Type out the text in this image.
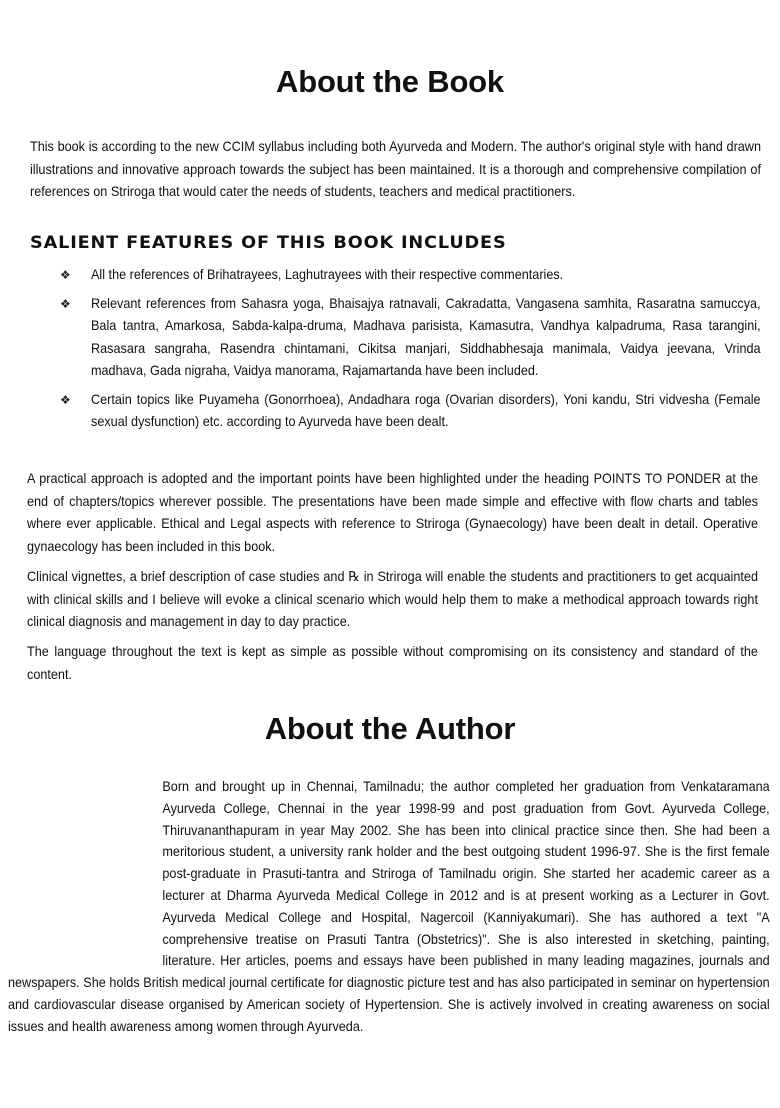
About the Book

This book is according to the new CCIM syllabus including both Ayurveda and Modern. The author's original style with hand drawn illustrations and innovative approach towards the subject has been maintained. It is a thorough and comprehensive compilation of references on Striroga that would cater the needs of students, teachers and medical practitioners.

SALIENT FEATURES OF THIS BOOK INCLUDES
❖ All the references of Brihatrayees, Laghutrayees with their respective commentaries.
❖ Relevant references from Sahasra yoga, Bhaisajya ratnavali, Cakradatta, Vangasena samhita, Rasaratna samuccya, Bala tantra, Amarkosa, Sabda-kalpa-druma, Madhava parisista, Kamasutra, Vandhya kalpadruma, Rasa tarangini, Rasasara sangraha, Rasendra chintamani, Cikitsa manjari, Siddhabhesaja manimala, Vaidya jeevana, Vrinda madhava, Gada nigraha, Vaidya manorama, Rajamartanda have been included.
❖ Certain topics like Puyameha (Gonorrhoea), Andadhara roga (Ovarian disorders), Yoni kandu, Stri vidvesha (Female sexual dysfunction) etc. according to Ayurveda have been dealt.

A practical approach is adopted and the important points have been highlighted under the heading POINTS TO PONDER at the end of chapters/topics wherever possible. The presentations have been made simple and effective with flow charts and tables where ever applicable. Ethical and Legal aspects with reference to Striroga (Gynaecology) have been dealt in detail. Operative gynaecology has been included in this book.

Clinical vignettes, a brief description of case studies and ℞ in Striroga will enable the students and practitioners to get acquainted with clinical skills and I believe will evoke a clinical scenario which would help them to make a methodical approach towards right clinical diagnosis and management in day to day practice.

The language throughout the text is kept as simple as possible without compromising on its consistency and standard of the content.

About the Author

Born and brought up in Chennai, Tamilnadu; the author completed her graduation from Venkataramana Ayurveda College, Chennai in the year 1998-99 and post graduation from Govt. Ayurveda College, Thiruvananthapuram in year May 2002. She has been into clinical practice since then. She had been a meritorious student, a university rank holder and the best outgoing student 1996-97. She is the first female post-graduate in Prasuti-tantra and Striroga of Tamilnadu origin. She started her academic career as a lecturer at Dharma Ayurveda Medical College in 2012 and is at present working as a Lecturer in Govt. Ayurveda Medical College and Hospital, Nagercoil (Kanniyakumari). She has authored a text "A comprehensive treatise on Prasuti Tantra (Obstetrics)". She is also interested in sketching, painting, literature. Her articles, poems and essays have been published in many leading magazines, journals and newspapers. She holds British medical journal certificate for diagnostic picture test and has also participated in seminar on hypertension and cardiovascular disease organised by American society of Hypertension. She is actively involved in creating awareness on social issues and health awareness among women through Ayurveda.
